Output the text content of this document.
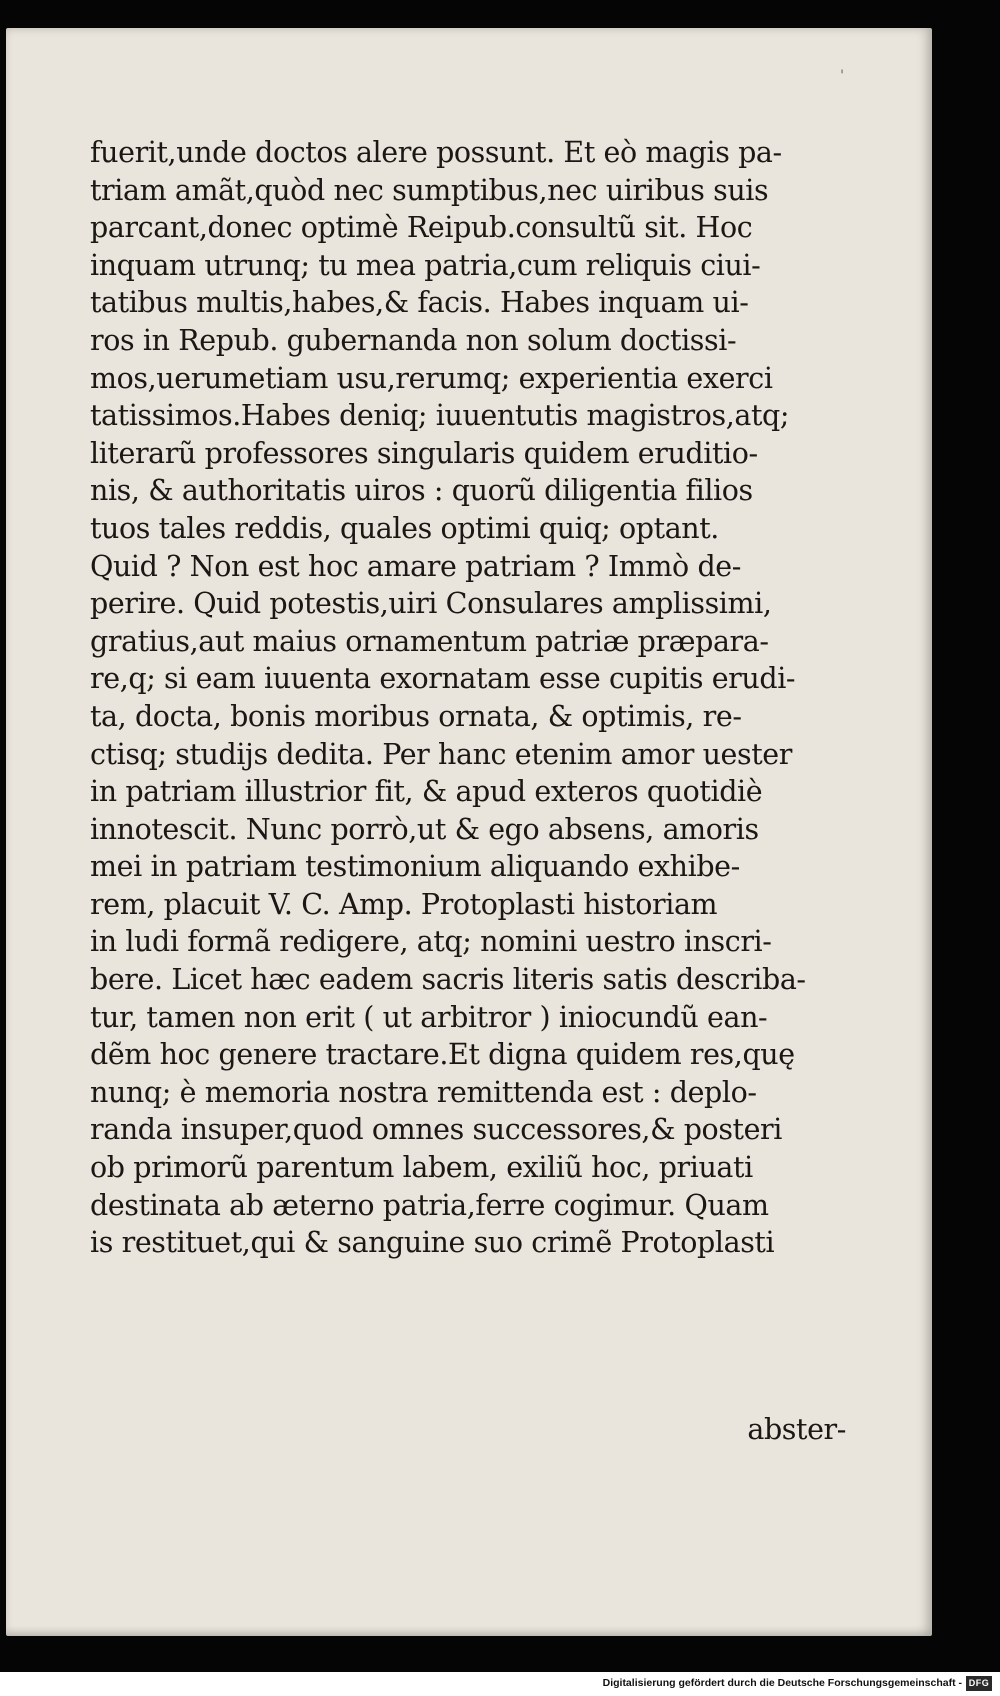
'
fuerit,unde doctos alere possunt. Et eò magis pa-
triam amãt,quòd nec sumptibus,nec uiribus suis
parcant,donec optimè Reipub.consultũ sit. Hoc
inquam utrunq; tu mea patria,cum reliquis ciui-
tatibus multis,habes,& facis. Habes inquam ui-
ros in Repub. gubernanda non solum doctissi-
mos,uerumetiam usu,rerumq; experientia exerci
tatissimos.Habes deniq; iuuentutis magistros,atq;
literarũ professores singularis quidem eruditio-
nis, & authoritatis uiros : quorũ diligentia filios
tuos tales reddis, quales optimi quiq; optant.
Quid ? Non est hoc amare patriam ? Immò de-
perire. Quid potestis,uiri Consulares amplissimi,
gratius,aut maius ornamentum patriæ præpara-
re,q; si eam iuuenta exornatam esse cupitis erudi-
ta, docta, bonis moribus ornata, & optimis, re-
ctisq; studijs dedita. Per hanc etenim amor uester
in patriam illustrior fit, & apud exteros quotidiè
innotescit. Nunc porrò,ut & ego absens, amoris
mei in patriam testimonium aliquando exhibe-
rem, placuit V. C. Amp. Protoplasti historiam
in ludi formã redigere, atq; nomini uestro inscri-
bere. Licet hæc eadem sacris literis satis describa-
tur, tamen non erit ( ut arbitror ) iniocundũ ean-
dẽm hoc genere tractare.Et digna quidem res,quę
nunq; è memoria nostra remittenda est : deplo-
randa insuper,quod omnes successores,& posteri
ob primorũ parentum labem, exiliũ hoc, priuati
destinata ab æterno patria,ferre cogimur. Quam
is restituet,qui & sanguine suo crimẽ Protoplasti
abster-
Digitalisierung gefördert durch die Deutsche Forschungsgemeinschaft - DFG
